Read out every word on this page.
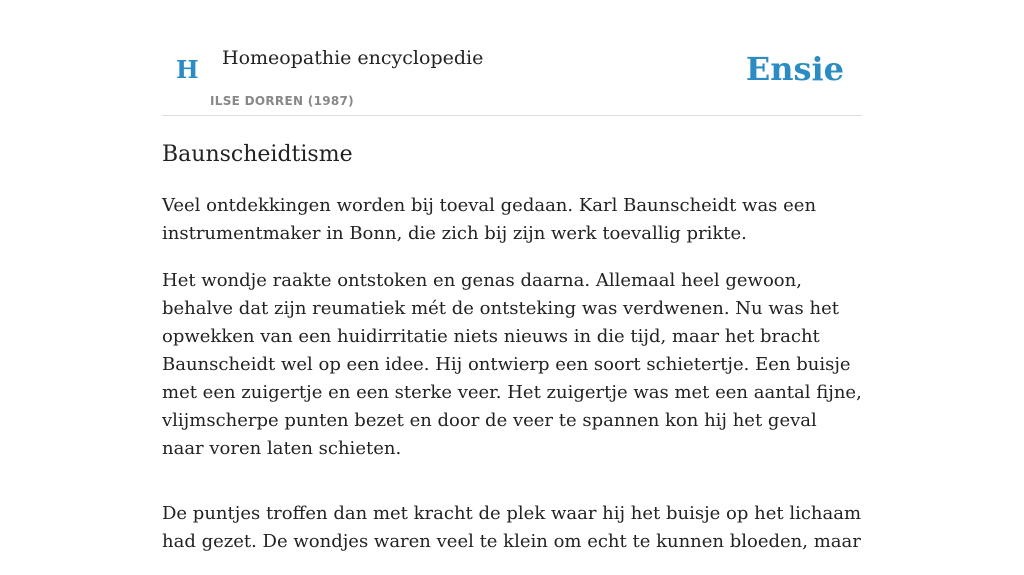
H Homeopathie encyclopedie
ILSE DORREN (1987)
Ensie
Baunscheidtisme

Veel ontdekkingen worden bij toeval gedaan. Karl Baunscheidt was een instrumentmaker in Bonn, die zich bij zijn werk toevallig prikte.

Het wondje raakte ontstoken en genas daarna. Allemaal heel gewoon, behalve dat zijn reumatiek mét de ontsteking was verdwenen. Nu was het opwekken van een huidirritatie niets nieuws in die tijd, maar het bracht Baunscheidt wel op een idee. Hij ontwierp een soort schietertje. Een buisje met een zuigertje en een sterke veer. Het zuigertje was met een aantal fijne, vlijmscherpe punten bezet en door de veer te spannen kon hij het geval naar voren laten schieten.

De puntjes troffen dan met kracht de plek waar hij het buisje op het lichaam had gezet. De wondjes waren veel te klein om echt te kunnen bloeden, maar
